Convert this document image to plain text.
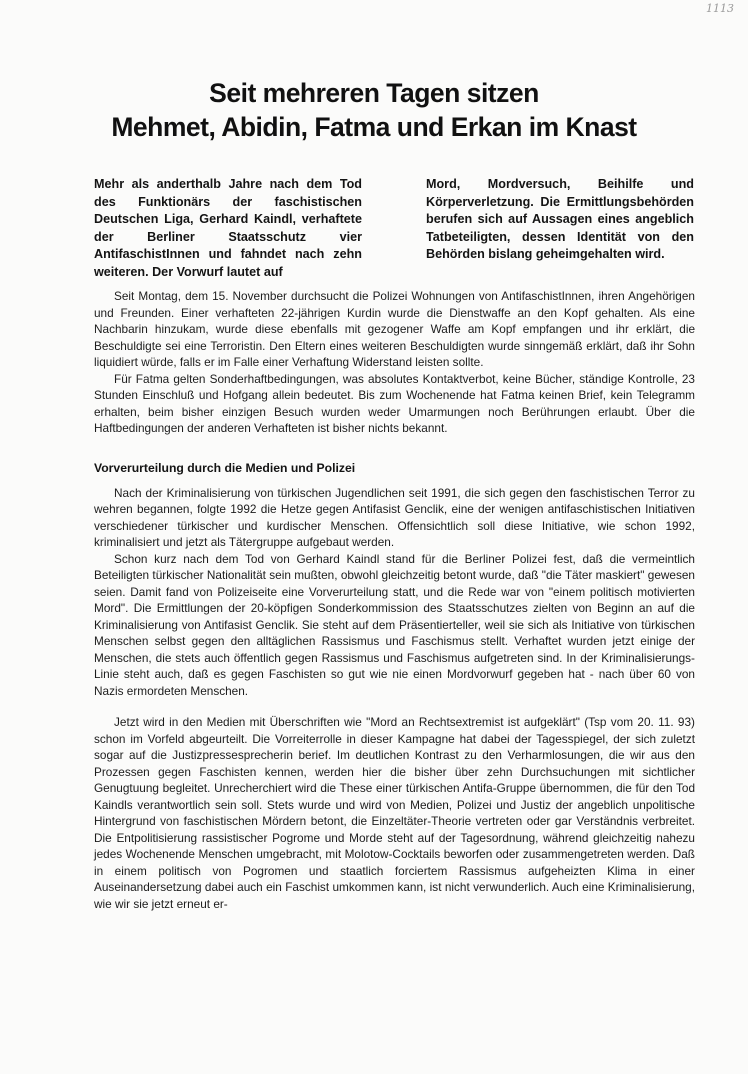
1113
Seit mehreren Tagen sitzen
Mehmet, Abidin, Fatma und Erkan im Knast

Mehr als anderthalb Jahre nach dem Tod des Funktionärs der faschistischen Deutschen Liga, Gerhard Kaindl, verhaftete der Berliner Staatsschutz vier AntifaschistInnen und fahndet nach zehn weiteren. Der Vorwurf lautet auf

Mord, Mordversuch, Beihilfe und Körperverletzung. Die Ermittlungsbehörden berufen sich auf Aussagen eines angeblich Tatbeteiligten, dessen Identität von den Behörden bislang geheimgehalten wird.

Seit Montag, dem 15. November durchsucht die Polizei Wohnungen von AntifaschistInnen, ihren Angehörigen und Freunden. Einer verhafteten 22-jährigen Kurdin wurde die Dienstwaffe an den Kopf gehalten. Als eine Nachbarin hinzukam, wurde diese ebenfalls mit gezogener Waffe am Kopf empfangen und ihr erklärt, die Beschuldigte sei eine Terroristin. Den Eltern eines weiteren Beschuldigten wurde sinngemäß erklärt, daß ihr Sohn liquidiert würde, falls er im Falle einer Verhaftung Widerstand leisten sollte.

Für Fatma gelten Sonderhaftbedingungen, was absolutes Kontaktverbot, keine Bücher, ständige Kontrolle, 23 Stunden Einschluß und Hofgang allein bedeutet. Bis zum Wochenende hat Fatma keinen Brief, kein Telegramm erhalten, beim bisher einzigen Besuch wurden weder Umarmungen noch Berührungen erlaubt. Über die Haftbedingungen der anderen Verhafteten ist bisher nichts bekannt.

Vorverurteilung durch die Medien und Polizei

Nach der Kriminalisierung von türkischen Jugendlichen seit 1991, die sich gegen den faschistischen Terror zu wehren begannen, folgte 1992 die Hetze gegen Antifasist Genclik, eine der wenigen antifaschistischen Initiativen verschiedener türkischer und kurdischer Menschen. Offensichtlich soll diese Initiative, wie schon 1992, kriminalisiert und jetzt als Tätergruppe aufgebaut werden.

Schon kurz nach dem Tod von Gerhard Kaindl stand für die Berliner Polizei fest, daß die vermeintlich Beteiligten türkischer Nationalität sein mußten, obwohl gleichzeitig betont wurde, daß "die Täter maskiert" gewesen seien. Damit fand von Polizeiseite eine Vorverurteilung statt, und die Rede war von "einem politisch motivierten Mord". Die Ermittlungen der 20-köpfigen Sonderkommission des Staatsschutzes zielten von Beginn an auf die Kriminalisierung von Antifasist Genclik. Sie steht auf dem Präsentierteller, weil sie sich als Initiative von türkischen Menschen selbst gegen den alltäglichen Rassismus und Faschismus stellt. Verhaftet wurden jetzt einige der Menschen, die stets auch öffentlich gegen Rassismus und Faschismus aufgetreten sind. In der Kriminalisierungs-Linie steht auch, daß es gegen Faschisten so gut wie nie einen Mordvorwurf gegeben hat - nach über 60 von Nazis ermordeten Menschen.

Jetzt wird in den Medien mit Überschriften wie "Mord an Rechtsextremist ist aufgeklärt" (Tsp vom 20. 11. 93) schon im Vorfeld abgeurteilt. Die Vorreiterrolle in dieser Kampagne hat dabei der Tagesspiegel, der sich zuletzt sogar auf die Justizpressesprecherin berief. Im deutlichen Kontrast zu den Verharmlosungen, die wir aus den Prozessen gegen Faschisten kennen, werden hier die bisher über zehn Durchsuchungen mit sichtlicher Genugtuung begleitet. Unrecherchiert wird die These einer türkischen Antifa-Gruppe übernommen, die für den Tod Kaindls verantwortlich sein soll. Stets wurde und wird von Medien, Polizei und Justiz der angeblich unpolitische Hintergrund von faschistischen Mördern betont, die Einzeltäter-Theorie vertreten oder gar Verständnis verbreitet. Die Entpolitisierung rassistischer Pogrome und Morde steht auf der Tagesordnung, während gleichzeitig nahezu jedes Wochenende Menschen umgebracht, mit Molotow-Cocktails beworfen oder zusammengetreten werden. Daß in einem politisch von Pogromen und staatlich forciertem Rassismus aufgeheizten Klima in einer Auseinandersetzung dabei auch ein Faschist umkommen kann, ist nicht verwunderlich. Auch eine Kriminalisierung, wie wir sie jetzt erneut er-
